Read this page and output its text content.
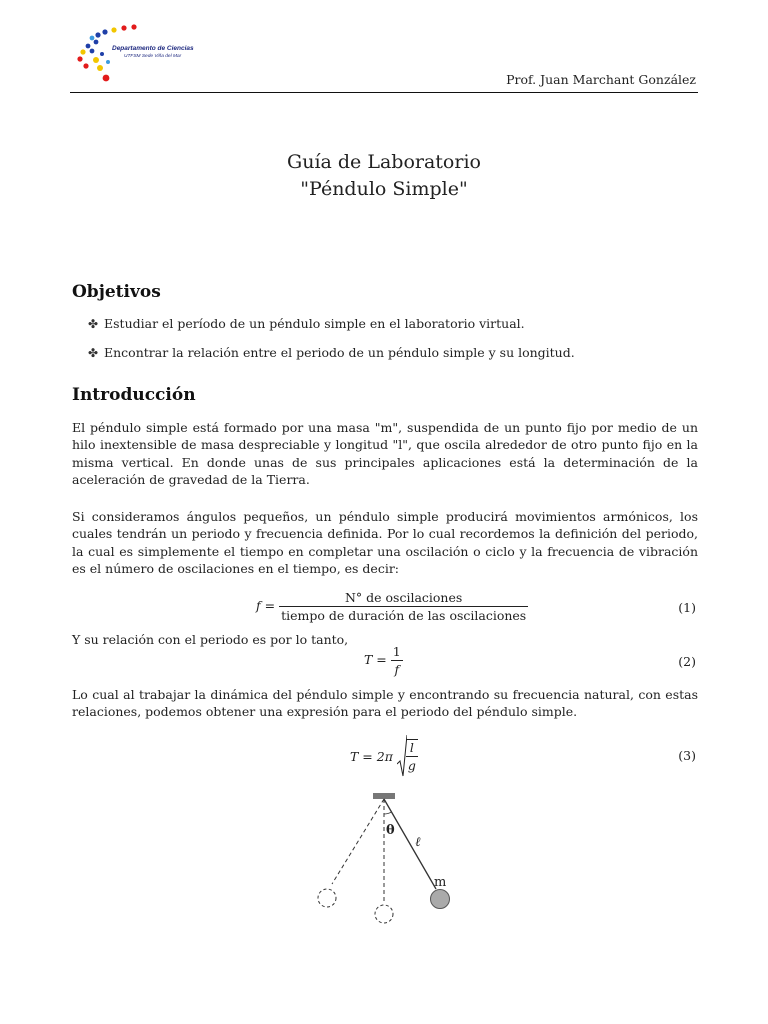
Departamento de Ciencias
UTFSM Sede Viña del Mar
Prof. Juan Marchant González
Guía de Laboratorio
"Péndulo Simple"
Objetivos
✤ Estudiar el período de un péndulo simple en el laboratorio virtual.
✤ Encontrar la relación entre el periodo de un péndulo simple y su longitud.
Introducción
El péndulo simple está formado por una masa "m", suspendida de un punto fijo por medio de un hilo inextensible de masa despreciable y longitud "l", que oscila alrededor de otro punto fijo en la misma vertical. En donde unas de sus principales aplicaciones está la determinación de la aceleración de gravedad de la Tierra.
Si consideramos ángulos pequeños, un péndulo simple producirá movimientos armónicos, los cuales tendrán un periodo y frecuencia definida. Por lo cual recordemos la definición del periodo, la cual es simplemente el tiempo en completar una oscilación o ciclo y la frecuencia de vibración es el número de oscilaciones en el tiempo, es decir:
$f = \frac{\text{N° de oscilaciones}}{\text{tiempo de duración de las oscilaciones}}$	(1)
Y su relación con el periodo es por lo tanto,
$T = \frac{1}{f}$	(2)
Lo cual al trabajar la dinámica del péndulo simple y encontrando su frecuencia natural, con estas relaciones, podemos obtener una expresión para el periodo del péndulo simple.
$T = 2\pi \frac{l}{g}$	(3)
θ
ℓ
m
